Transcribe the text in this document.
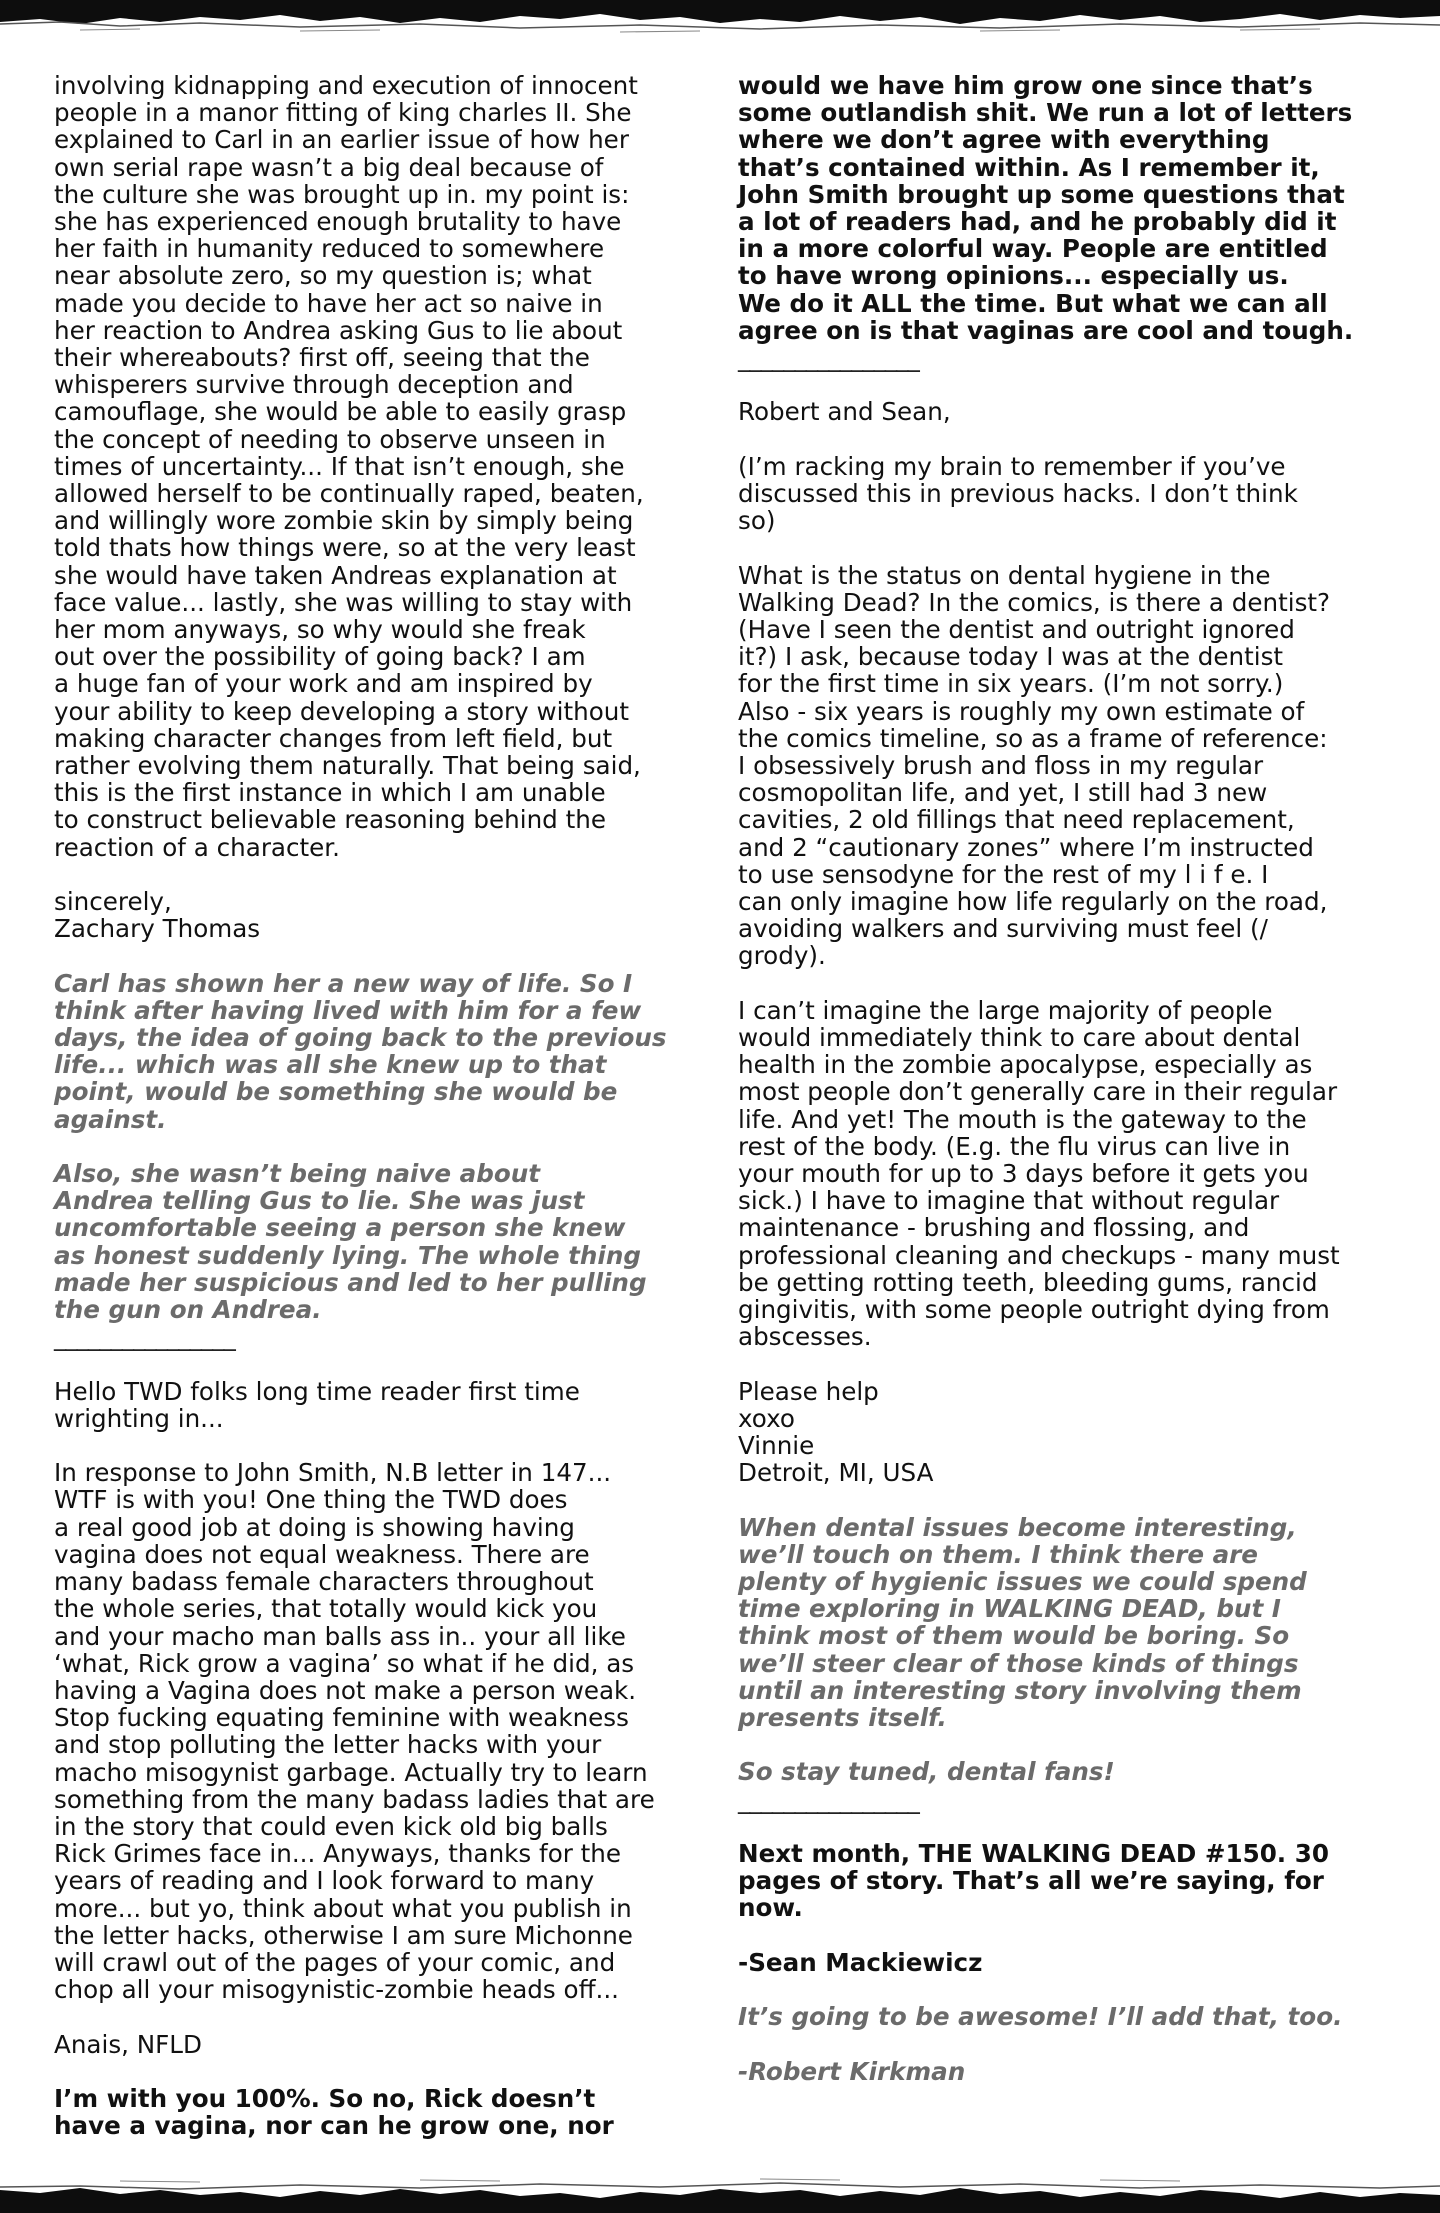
involving kidnapping and execution of innocent
people in a manor fitting of king charles II. She
explained to Carl in an earlier issue of how her
own serial rape wasn’t a big deal because of
the culture she was brought up in. my point is:
she has experienced enough brutality to have
her faith in humanity reduced to somewhere
near absolute zero, so my question is; what
made you decide to have her act so naive in
her reaction to Andrea asking Gus to lie about
their whereabouts? first off, seeing that the
whisperers survive through deception and
camouflage, she would be able to easily grasp
the concept of needing to observe unseen in
times of uncertainty... If that isn’t enough, she
allowed herself to be continually raped, beaten,
and willingly wore zombie skin by simply being
told thats how things were, so at the very least
she would have taken Andreas explanation at
face value... lastly, she was willing to stay with
her mom anyways, so why would she freak
out over the possibility of going back? I am
a huge fan of your work and am inspired by
your ability to keep developing a story without
making character changes from left field, but
rather evolving them naturally. That being said,
this is the first instance in which I am unable
to construct believable reasoning behind the
reaction of a character.

sincerely,
Zachary Thomas

Carl has shown her a new way of life. So I
think after having lived with him for a few
days, the idea of going back to the previous
life... which was all she knew up to that
point, would be something she would be
against.

Also, she wasn’t being naive about
Andrea telling Gus to lie. She was just
uncomfortable seeing a person she knew
as honest suddenly lying. The whole thing
made her suspicious and led to her pulling
the gun on Andrea.

________________

Hello TWD folks long time reader first time
wrighting in...

In response to John Smith, N.B letter in 147...
WTF is with you! One thing the TWD does
a real good job at doing is showing having
vagina does not equal weakness. There are
many badass female characters throughout
the whole series, that totally would kick you
and your macho man balls ass in.. your all like
‘what, Rick grow a vagina’ so what if he did, as
having a Vagina does not make a person weak.
Stop fucking equating feminine with weakness
and stop polluting the letter hacks with your
macho misogynist garbage. Actually try to learn
something from the many badass ladies that are
in the story that could even kick old big balls
Rick Grimes face in... Anyways, thanks for the
years of reading and I look forward to many
more... but yo, think about what you publish in
the letter hacks, otherwise I am sure Michonne
will crawl out of the pages of your comic, and
chop all your misogynistic-zombie heads off...

Anais, NFLD

I’m with you 100%. So no, Rick doesn’t
have a vagina, nor can he grow one, nor

would we have him grow one since that’s
some outlandish shit. We run a lot of letters
where we don’t agree with everything
that’s contained within. As I remember it,
John Smith brought up some questions that
a lot of readers had, and he probably did it
in a more colorful way. People are entitled
to have wrong opinions... especially us.
We do it ALL the time. But what we can all
agree on is that vaginas are cool and tough.

________________

Robert and Sean,

(I’m racking my brain to remember if you’ve
discussed this in previous hacks. I don’t think
so)

What is the status on dental hygiene in the
Walking Dead? In the comics, is there a dentist?
(Have I seen the dentist and outright ignored
it?) I ask, because today I was at the dentist
for the first time in six years. (I’m not sorry.)
Also - six years is roughly my own estimate of
the comics timeline, so as a frame of reference:
I obsessively brush and floss in my regular
cosmopolitan life, and yet, I still had 3 new
cavities, 2 old fillings that need replacement,
and 2 “cautionary zones” where I’m instructed
to use sensodyne for the rest of my l i f e. I
can only imagine how life regularly on the road,
avoiding walkers and surviving must feel (/
grody).

I can’t imagine the large majority of people
would immediately think to care about dental
health in the zombie apocalypse, especially as
most people don’t generally care in their regular
life. And yet! The mouth is the gateway to the
rest of the body. (E.g. the flu virus can live in
your mouth for up to 3 days before it gets you
sick.) I have to imagine that without regular
maintenance - brushing and flossing, and
professional cleaning and checkups - many must
be getting rotting teeth, bleeding gums, rancid
gingivitis, with some people outright dying from
abscesses.

Please help
xoxo
Vinnie
Detroit, MI, USA

When dental issues become interesting,
we’ll touch on them. I think there are
plenty of hygienic issues we could spend
time exploring in WALKING DEAD, but I
think most of them would be boring. So
we’ll steer clear of those kinds of things
until an interesting story involving them
presents itself.

So stay tuned, dental fans!

________________

Next month, THE WALKING DEAD #150. 30
pages of story. That’s all we’re saying, for
now.

-Sean Mackiewicz

It’s going to be awesome! I’ll add that, too.

-Robert Kirkman
